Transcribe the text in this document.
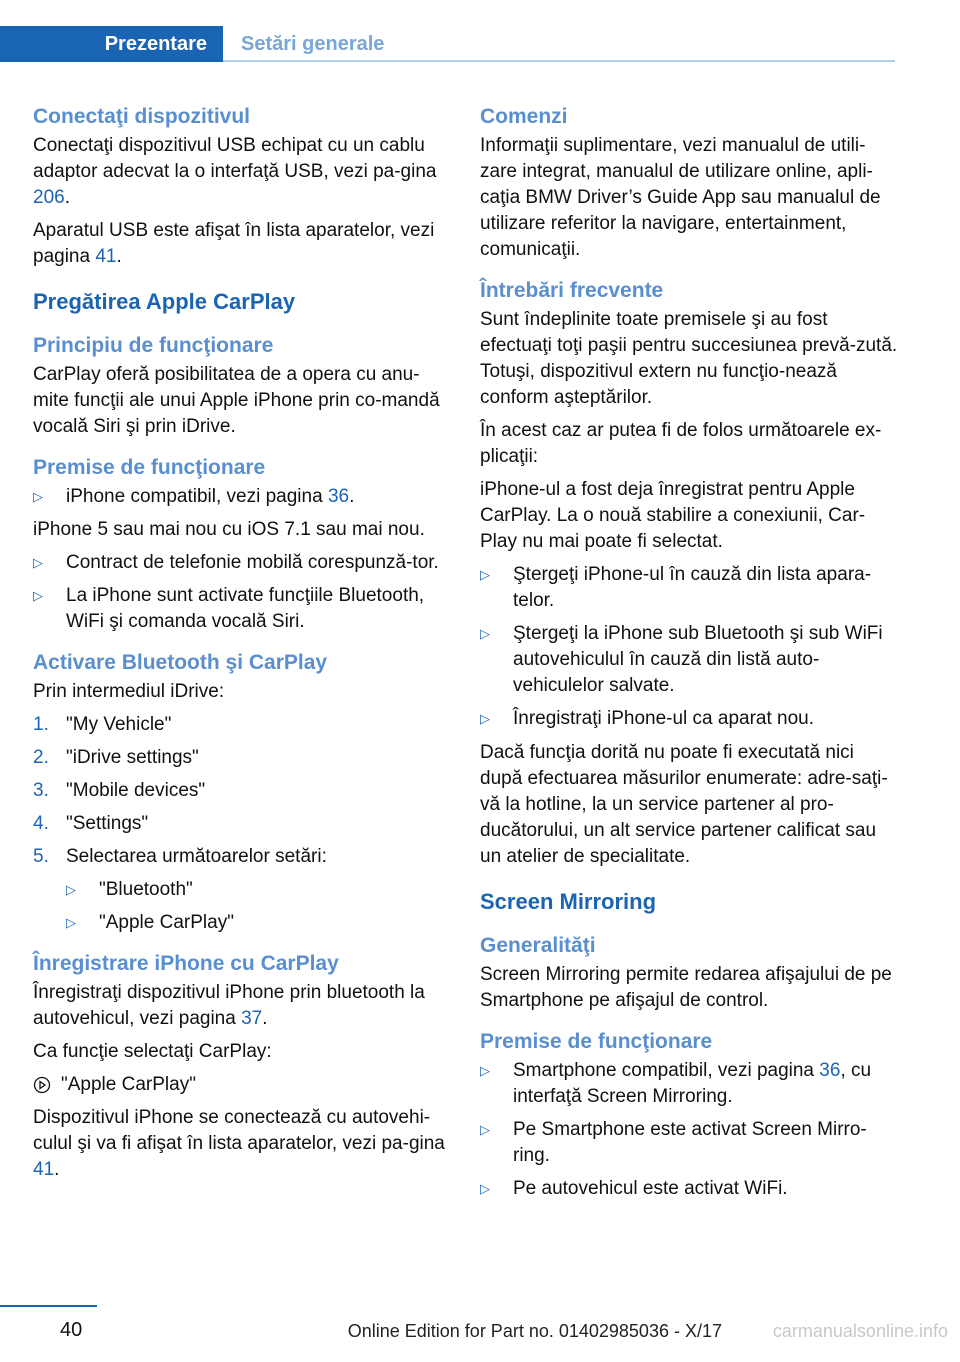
Prezentare	Setări generale
Conectaţi dispozitivul

Conectaţi dispozitivul USB echipat cu un cablu adaptor adecvat la o interfaţă USB, vezi pa‐gina 206.

Aparatul USB este afişat în lista aparatelor, vezi pagina 41.

Pregătirea Apple CarPlay
Principiu de funcţionare

CarPlay oferă posibilitatea de a opera cu anu‐mite funcţii ale unui Apple iPhone prin co‐mandă vocală Siri şi prin iDrive.

Premise de funcţionare
▷	iPhone compatibil, vezi pagina 36.

iPhone 5 sau mai nou cu iOS 7.1 sau mai nou.

▷	Contract de telefonie mobilă corespunză‐tor.
▷	La iPhone sunt activate funcţiile Bluetooth, WiFi şi comanda vocală Siri.
Activare Bluetooth şi CarPlay

Prin intermediul iDrive:

1. "My Vehicle"
2. "iDrive settings"
3. "Mobile devices"
4. "Settings"
5. Selectarea următoarelor setări:
▷	"Bluetooth"
▷	"Apple CarPlay"
Înregistrare iPhone cu CarPlay

Înregistraţi dispozitivul iPhone prin bluetooth la autovehicul, vezi pagina 37.

Ca funcţie selectaţi CarPlay:

"Apple CarPlay"

Dispozitivul iPhone se conectează cu autovehi‐culul şi va fi afişat în lista aparatelor, vezi pa‐gina 41.

Comenzi

Informaţii suplimentare, vezi manualul de utili‐zare integrat, manualul de utilizare online, apli‐caţia BMW Driver’s Guide App sau manualul de utilizare referitor la navigare, entertainment, comunicaţii.

Întrebări frecvente

Sunt îndeplinite toate premisele şi au fost efectuaţi toţi paşii pentru succesiunea prevă‐zută. Totuşi, dispozitivul extern nu funcţio‐nează conform aşteptărilor.

În acest caz ar putea fi de folos următoarele ex‐plicaţii:

iPhone-ul a fost deja înregistrat pentru Apple CarPlay. La o nouă stabilire a conexiunii, Car‐Play nu mai poate fi selectat.

▷	Ştergeţi iPhone-ul în cauză din lista apara‐telor.
▷	Ştergeţi la iPhone sub Bluetooth şi sub WiFi autovehiculul în cauză din listă auto‐vehiculelor salvate.
▷	Înregistraţi iPhone-ul ca aparat nou.

Dacă funcţia dorită nu poate fi executată nici după efectuarea măsurilor enumerate: adre‐saţi-vă la hotline, la un service partener al pro‐ducătorului, un alt service partener calificat sau un atelier de specialitate.

Screen Mirroring
Generalităţi

Screen Mirroring permite redarea afişajului de pe Smartphone pe afişajul de control.

Premise de funcţionare
▷	Smartphone compatibil, vezi pagina 36, cu interfaţă Screen Mirroring.
▷	Pe Smartphone este activat Screen Mirro‐ring.
▷	Pe autovehicul este activat WiFi.
40	Online Edition for Part no. 01402985036 - X/17	carmanualsonline.info
